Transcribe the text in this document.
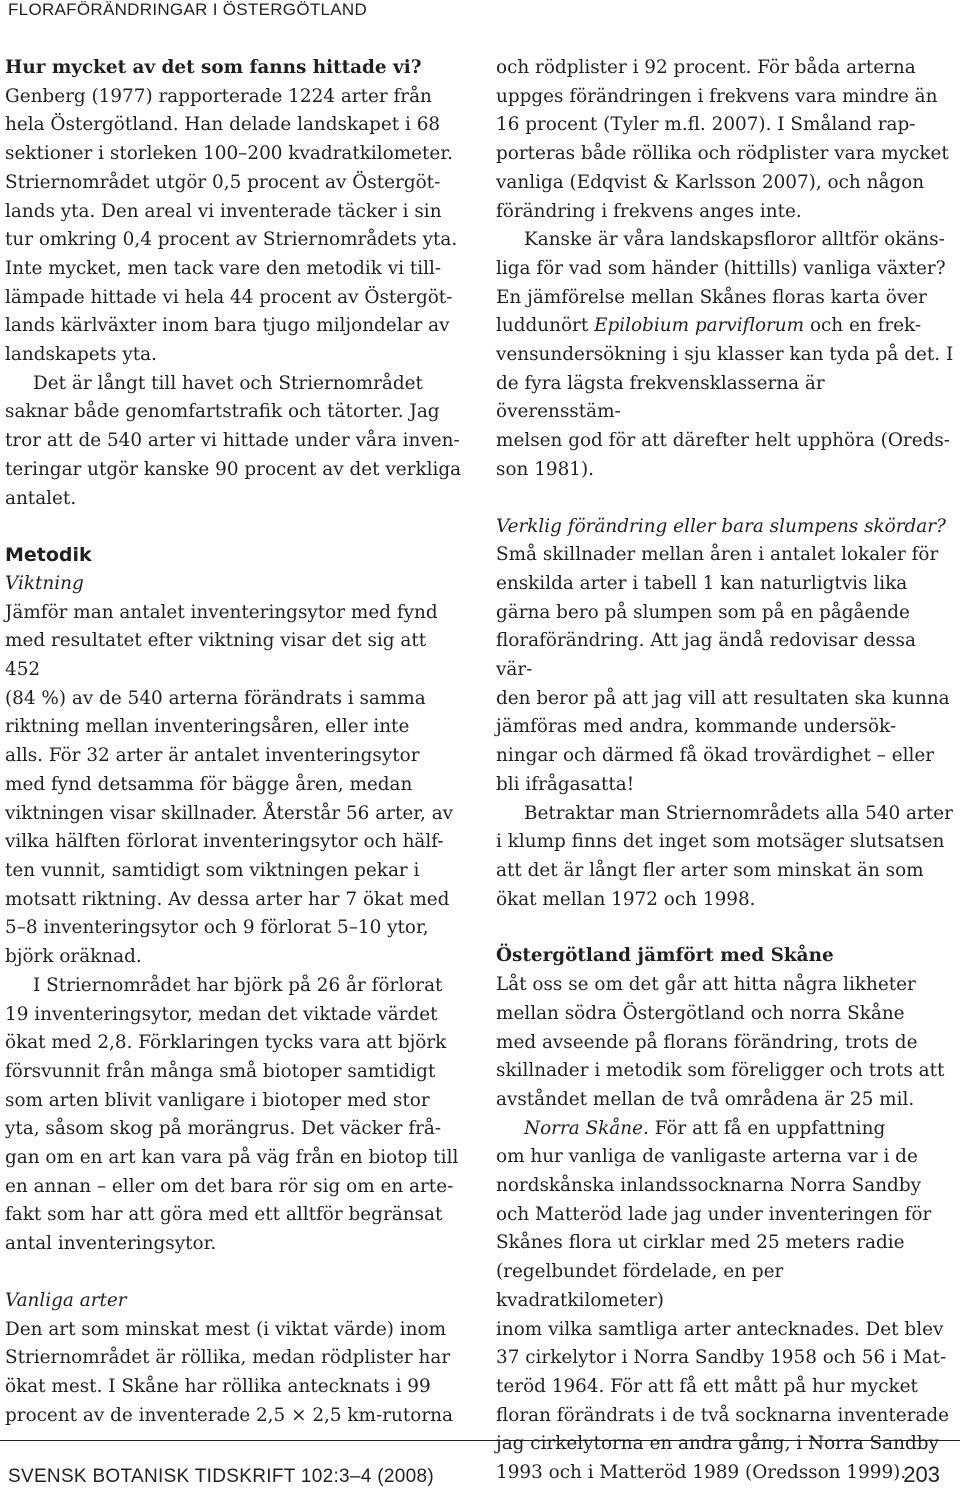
FLORAFÖRÄNDRINGAR I ÖSTERGÖTLAND

Hur mycket av det som fanns hittade vi?

Genberg (1977) rapporterade 1224 arter från
hela Östergötland. Han delade landskapet i 68
sektioner i storleken 100–200 kvadratkilometer.
Striernområdet utgör 0,5 procent av Östergöt-
lands yta. Den areal vi inventerade täcker i sin
tur omkring 0,4 procent av Striernområdets yta.
Inte mycket, men tack vare den metodik vi till-
lämpade hittade vi hela 44 procent av Östergöt-
lands kärlväxter inom bara tjugo miljondelar av
landskapets yta.

Det är långt till havet och Striernområdet
saknar både genomfartstrafik och tätorter. Jag
tror att de 540 arter vi hittade under våra inven-
teringar utgör kanske 90 procent av det verkliga
antalet.

Metodik

Viktning

Jämför man antalet inventeringsytor med fynd
med resultatet efter viktning visar det sig att 452
(84 %) av de 540 arterna förändrats i samma
riktning mellan inventeringsåren, eller inte
alls. För 32 arter är antalet inventeringsytor
med fynd detsamma för bägge åren, medan
viktningen visar skillnader. Återstår 56 arter, av
vilka hälften förlorat inventeringsytor och hälf-
ten vunnit, samtidigt som viktningen pekar i
motsatt riktning. Av dessa arter har 7 ökat med
5–8 inventeringsytor och 9 förlorat 5–10 ytor,
björk oräknad.

I Striernområdet har björk på 26 år förlorat
19 inventeringsytor, medan det viktade värdet
ökat med 2,8. Förklaringen tycks vara att björk
försvunnit från många små biotoper samtidigt
som arten blivit vanligare i biotoper med stor
yta, såsom skog på morängrus. Det väcker frå-
gan om en art kan vara på väg från en biotop till
en annan – eller om det bara rör sig om en arte-
fakt som har att göra med ett alltför begränsat
antal inventeringsytor.

Vanliga arter

Den art som minskat mest (i viktat värde) inom
Striernområdet är röllika, medan rödplister har
ökat mest. I Skåne har röllika antecknats i 99
procent av de inventerade 2,5 × 2,5 km-rutorna

och rödplister i 92 procent. För båda arterna
uppges förändringen i frekvens vara mindre än
16 procent (Tyler m.fl. 2007). I Småland rap-
porteras både röllika och rödplister vara mycket
vanliga (Edqvist & Karlsson 2007), och någon
förändring i frekvens anges inte.

Kanske är våra landskapsfloror alltför okäns-
liga för vad som händer (hittills) vanliga växter?
En jämförelse mellan Skånes floras karta över
luddunört Epilobium parviflorum och en frek-
vensundersökning i sju klasser kan tyda på det. I
de fyra lägsta frekvensklasserna är överensstäm-
melsen god för att därefter helt upphöra (Oreds-
son 1981).

Verklig förändring eller bara slumpens skördar?

Små skillnader mellan åren i antalet lokaler för
enskilda arter i tabell 1 kan naturligtvis lika
gärna bero på slumpen som på en pågående
floraförändring. Att jag ändå redovisar dessa vär-
den beror på att jag vill att resultaten ska kunna
jämföras med andra, kommande undersök-
ningar och därmed få ökad trovärdighet – eller
bli ifrågasatta!

Betraktar man Striernområdets alla 540 arter
i klump finns det inget som motsäger slutsatsen
att det är långt fler arter som minskat än som
ökat mellan 1972 och 1998.

Östergötland jämfört med Skåne

Låt oss se om det går att hitta några likheter
mellan södra Östergötland och norra Skåne
med avseende på florans förändring, trots de
skillnader i metodik som föreligger och trots att
avståndet mellan de två områdena är 25 mil.

Norra Skåne. För att få en uppfattning
om hur vanliga de vanligaste arterna var i de
nordskånska inlandssocknarna Norra Sandby
och Matteröd lade jag under inventeringen för
Skånes flora ut cirklar med 25 meters radie
(regelbundet fördelade, en per kvadratkilometer)
inom vilka samtliga arter antecknades. Det blev
37 cirkelytor i Norra Sandby 1958 och 56 i Mat-
teröd 1964. För att få ett mått på hur mycket
floran förändrats i de två socknarna inventerade
jag cirkelytorna en andra gång, i Norra Sandby
1993 och i Matteröd 1989 (Oredsson 1999).

SVENSK BOTANISK TIDSKRIFT 102:3–4 (2008)	203
